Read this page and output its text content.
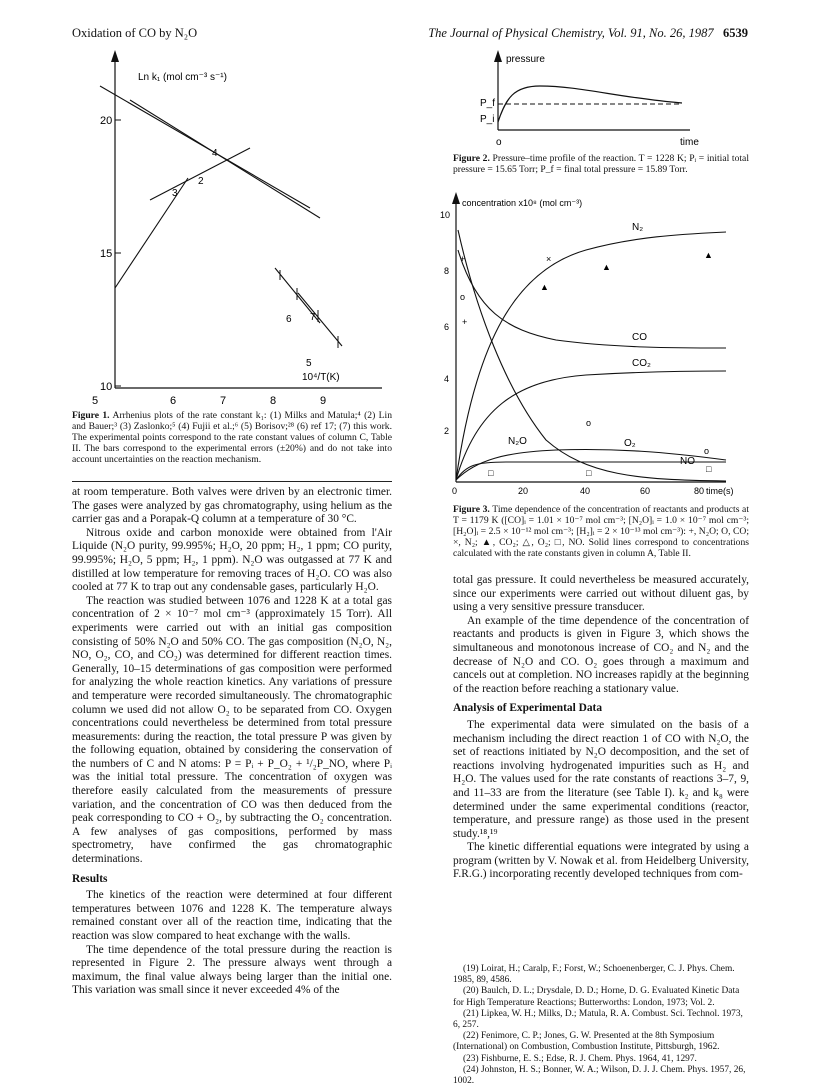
Oxidation of CO by N₂O	The Journal of Physical Chemistry, Vol. 91, No. 26, 1987 6539
20
15
10
5	6	7	8	9
Ln k₁ (mol cm⁻³ s⁻¹)
10⁴/T(K)
4
2
3
6 7
5
Figure 1. Arrhenius plots of the rate constant k₁: (1) Milks and Matula;⁴ (2) Lin and Bauer;³ (3) Zaslonko;⁵ (4) Fujii et al.;⁶ (5) Borisov;²⁸ (6) ref 17; (7) this work. The experimental points correspond to the rate constant values of column C, Table II. The bars correspond to the experimental errors (±20%) and do not take into account uncertainties on the reaction mechanism.

at room temperature. Both valves were driven by an electronic timer. The gases were analyzed by gas chromatography, using helium as the carrier gas and a Porapak-Q column at a temperature of 30 °C.

Nitrous oxide and carbon monoxide were obtained from l'Air Liquide (N₂O purity, 99.995%; H₂O, 20 ppm; H₂, 1 ppm; CO purity, 99.995%; H₂O, 5 ppm; H₂, 1 ppm). N₂O was outgassed at 77 K and distilled at low temperature for removing traces of H₂O. CO was also cooled at 77 K to trap out any condensable gases, particularly H₂O.

The reaction was studied between 1076 and 1228 K at a total gas concentration of 2 × 10⁻⁷ mol cm⁻³ (approximately 15 Torr). All experiments were carried out with an initial gas composition consisting of 50% N₂O and 50% CO. The gas composition (N₂O, N₂, NO, O₂, CO, and CO₂) was determined for different reaction times. Generally, 10–15 determinations of gas composition were performed for analyzing the whole reaction kinetics. Any variations of pressure and temperature were recorded simultaneously. The chromatographic column we used did not allow O₂ to be separated from CO. Oxygen concentrations could nevertheless be determined from total pressure measurements: during the reaction, the total pressure P was given by the following equation, obtained by considering the conservation of the numbers of C and N atoms: P = Pᵢ + P_O₂ + ¹/₂P_NO, where Pᵢ was the initial total pressure. The concentration of oxygen was therefore easily calculated from the measurements of pressure variation, and the concentration of CO was then deduced from the peak corresponding to CO + O₂, by subtracting the O₂ concentration. A few analyses of gas compositions, performed by mass spectrometry, have confirmed the gas chromatographic determinations.

Results

The kinetics of the reaction were determined at four different temperatures between 1076 and 1228 K. The temperature always remained constant over all of the reaction time, indicating that the reaction was slow compared to heat exchange with the walls.

The time dependence of the total pressure during the reaction is represented in Figure 2. The pressure always went through a maximum, the final value always being larger than the initial one. This variation was small since it never exceeded 4% of the

pressure
P_f
P_i
o	time
Figure 2. Pressure–time profile of the reaction. T = 1228 K; Pᵢ = initial total pressure = 15.65 Torr; P_f = final total pressure = 15.89 Torr.
concentration x10⁸ (mol cm⁻³)
10
8
6
4
2
0	20	40	60	80 time(s)
N₂
CO
CO₂
N₂O	O₂
NO
+
o
+
×
▲
▲
▲
o
o
□
□	□
Figure 3. Time dependence of the concentration of reactants and products at T = 1179 K ([CO]ᵢ = 1.01 × 10⁻⁷ mol cm⁻³; [N₂O]ᵢ = 1.0 × 10⁻⁷ mol cm⁻³; [H₂O]ᵢ = 2.5 × 10⁻¹² mol cm⁻³; [H₂]ᵢ = 2 × 10⁻¹³ mol cm⁻³): +, N₂O; O, CO; ×, N₂; ▲, CO₂; △, O₂; □, NO. Solid lines correspond to concentrations calculated with the rate constants given in column A, Table II.

total gas pressure. It could nevertheless be measured accurately, since our experiments were carried out without diluent gas, by using a very sensitive pressure transducer.

An example of the time dependence of the concentration of reactants and products is given in Figure 3, which shows the simultaneous and monotonous increase of CO₂ and N₂ and the decrease of N₂O and CO. O₂ goes through a maximum and cancels out at completion. NO increases rapidly at the beginning of the reaction before reaching a stationary value.

Analysis of Experimental Data

The experimental data were simulated on the basis of a mechanism including the direct reaction 1 of CO with N₂O, the set of reactions initiated by N₂O decomposition, and the set of reactions involving hydrogenated impurities such as H₂ and H₂O. The values used for the rate constants of reactions 3–7, 9, and 11–33 are from the literature (see Table I). k₂ and k₈ were determined under the same experimental conditions (reactor, temperature, and pressure range) as those used in the present study.¹⁸,¹⁹

The kinetic differential equations were integrated by using a program (written by V. Nowak et al. from Heidelberg University, F.R.G.) incorporating recently developed techniques from com-

(19) Loirat, H.; Caralp, F.; Forst, W.; Schoenenberger, C. J. Phys. Chem. 1985, 89, 4586.
(20) Baulch, D. L.; Drysdale, D. D.; Horne, D. G. Evaluated Kinetic Data for High Temperature Reactions; Butterworths: London, 1973; Vol. 2.
(21) Lipkea, W. H.; Milks, D.; Matula, R. A. Combust. Sci. Technol. 1973, 6, 257.
(22) Fenimore, C. P.; Jones, G. W. Presented at the 8th Symposium (International) on Combustion, Combustion Institute, Pittsburgh, 1962.
(23) Fishburne, E. S.; Edse, R. J. Chem. Phys. 1964, 41, 1297.
(24) Johnston, H. S.; Bonner, W. A.; Wilson, D. J. J. Chem. Phys. 1957, 26, 1002.
